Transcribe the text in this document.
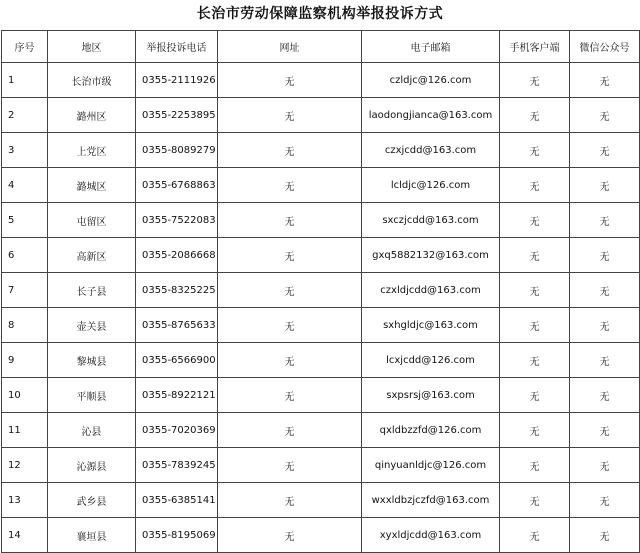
长治市劳动保障监察机构举报投诉方式
序号	地区	举报投诉电话	网址	电子邮箱	手机客户端	微信公众号
1	长治市级	0355-2111926	无	czldjc@126.com	无	无
2	潞州区	0355-2253895	无	laodongjianca@163.com	无	无
3	上党区	0355-8089279	无	czxjcdd@163.com	无	无
4	潞城区	0355-6768863	无	lcldjc@126.com	无	无
5	屯留区	0355-7522083	无	sxczjcdd@163.com	无	无
6	高新区	0355-2086668	无	gxq5882132@163.com	无	无
7	长子县	0355-8325225	无	czxldjcdd@163.com	无	无
8	壶关县	0355-8765633	无	sxhgldjc@163.com	无	无
9	黎城县	0355-6566900	无	lcxjcdd@126.com	无	无
10	平顺县	0355-8922121	无	sxpsrsj@163.com	无	无
11	沁县	0355-7020369	无	qxldbzzfd@126.com	无	无
12	沁源县	0355-7839245	无	qinyuanldjc@126.com	无	无
13	武乡县	0355-6385141	无	wxxldbzjczfd@163.com	无	无
14	襄垣县	0355-8195069	无	xyxldjcdd@163.com	无	无
